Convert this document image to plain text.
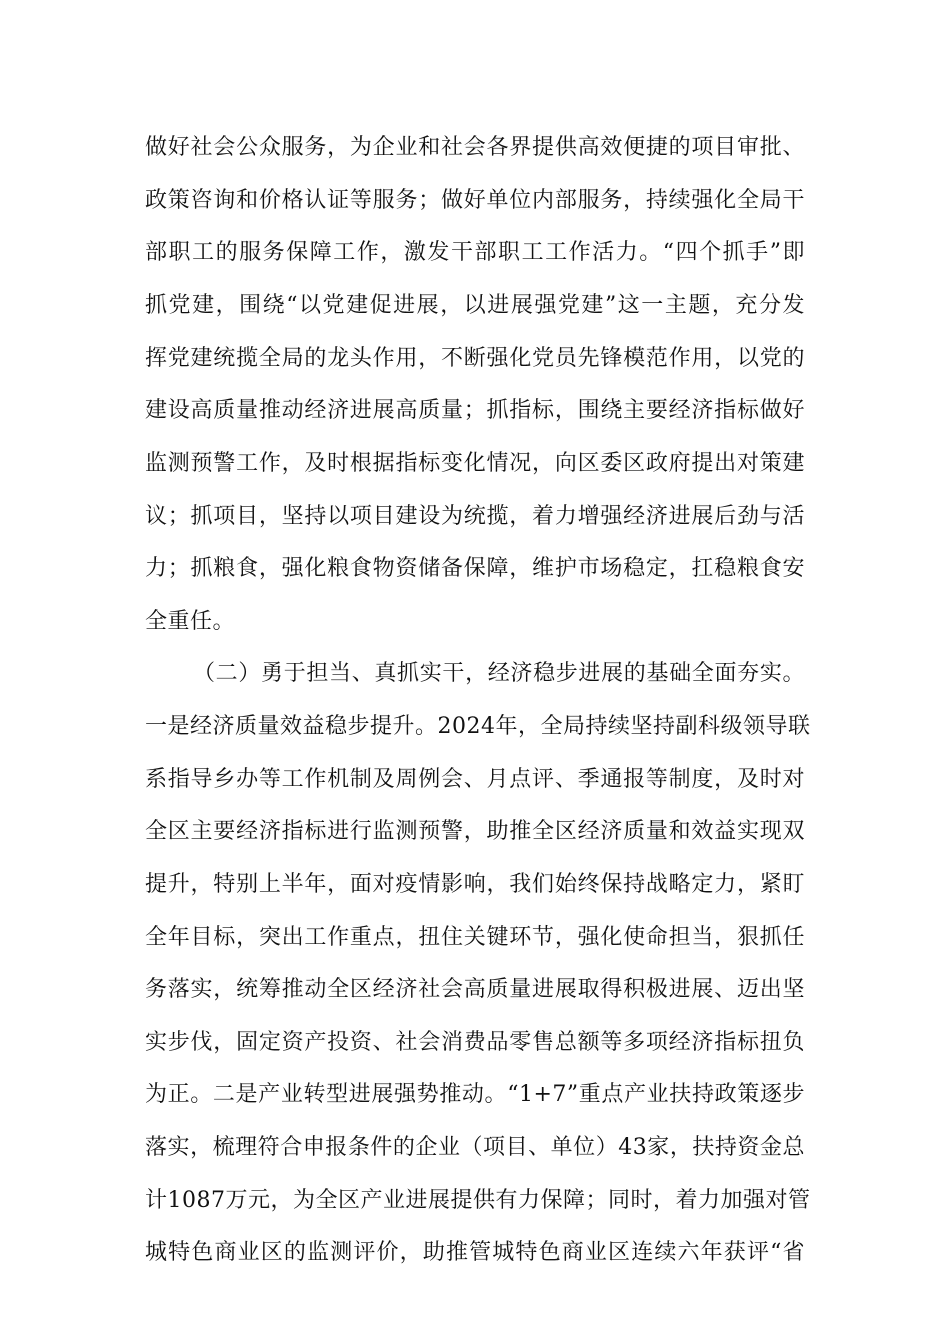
做好社会公众服务，为企业和社会各界提供高效便捷的项目审批、
政策咨询和价格认证等服务；做好单位内部服务，持续强化全局干
部职工的服务保障工作，激发干部职工工作活力。“四个抓手”即
抓党建，围绕“以党建促进展，以进展强党建”这一主题，充分发
挥党建统揽全局的龙头作用，不断强化党员先锋模范作用，以党的
建设高质量推动经济进展高质量；抓指标，围绕主要经济指标做好
监测预警工作，及时根据指标变化情况，向区委区政府提出对策建
议；抓项目，坚持以项目建设为统揽，着力增强经济进展后劲与活
力；抓粮食，强化粮食物资储备保障，维护市场稳定，扛稳粮食安
全重任。
（二）勇于担当、真抓实干，经济稳步进展的基础全面夯实。
一是经济质量效益稳步提升。2024年，全局持续坚持副科级领导联
系指导乡办等工作机制及周例会、月点评、季通报等制度，及时对
全区主要经济指标进行监测预警，助推全区经济质量和效益实现双
提升，特别上半年，面对疫情影响，我们始终保持战略定力，紧盯
全年目标，突出工作重点，扭住关键环节，强化使命担当，狠抓任
务落实，统筹推动全区经济社会高质量进展取得积极进展、迈出坚
实步伐，固定资产投资、社会消费品零售总额等多项经济指标扭负
为正。二是产业转型进展强势推动。“1+7”重点产业扶持政策逐步
落实，梳理符合申报条件的企业（项目、单位）43家，扶持资金总
计1087万元，为全区产业进展提供有力保障；同时，着力加强对管
城特色商业区的监测评价，助推管城特色商业区连续六年获评“省
